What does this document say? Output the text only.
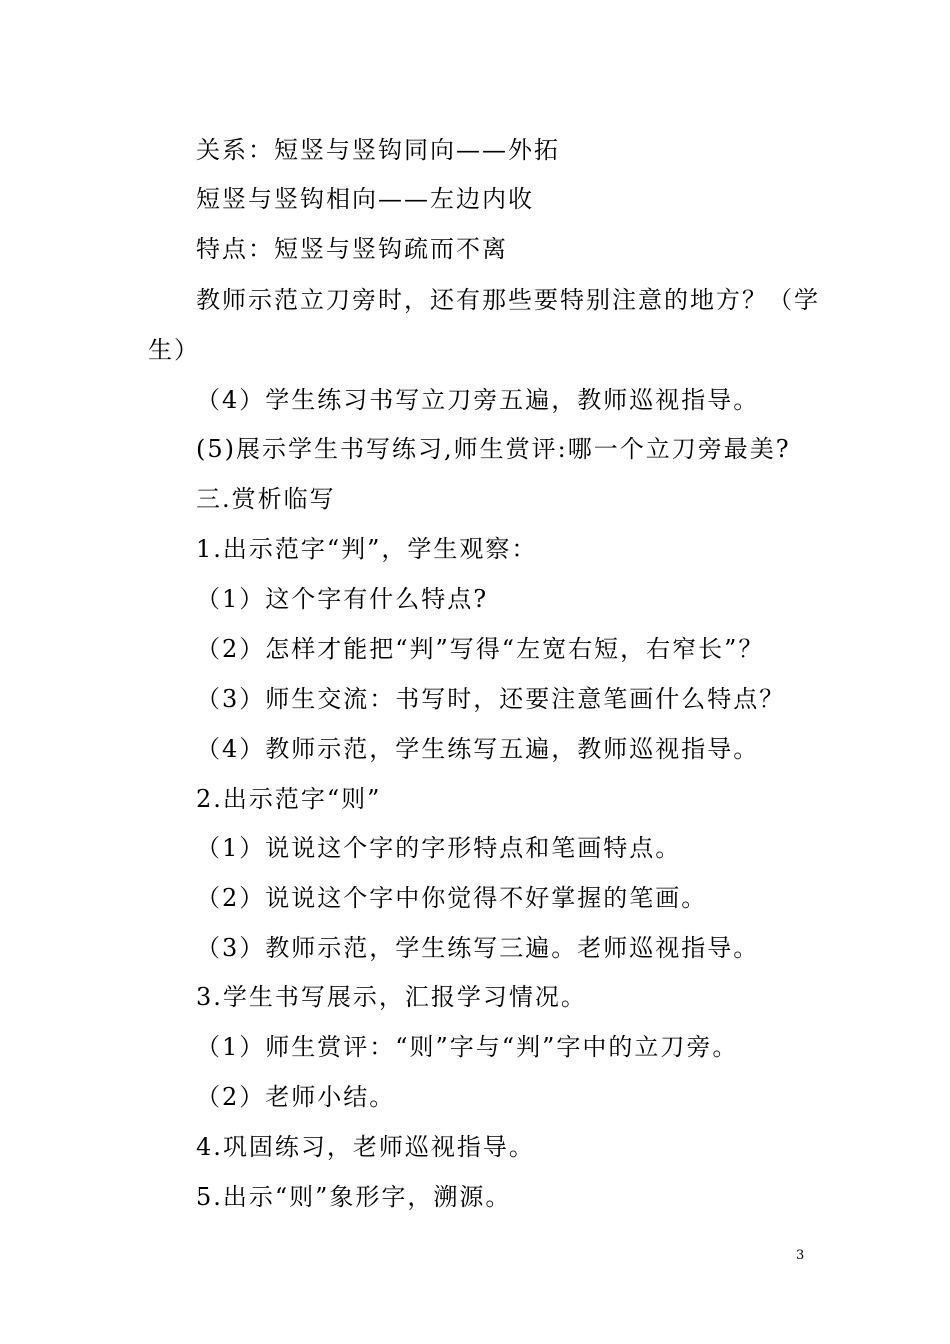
关系：短竖与竖钩同向——外拓
短竖与竖钩相向——左边内收
特点：短竖与竖钩疏而不离
教师示范立刀旁时，还有那些要特别注意的地方？（学
生）
（4）学生练习书写立刀旁五遍，教师巡视指导。
(5)展示学生书写练习,师生赏评:哪一个立刀旁最美?
三.赏析临写
1.出示范字“判”，学生观察：
（1）这个字有什么特点?
（2）怎样才能把“判”写得“左宽右短，右窄长”？
（3）师生交流：书写时，还要注意笔画什么特点？
（4）教师示范，学生练写五遍，教师巡视指导。
2.出示范字“则”
（1）说说这个字的字形特点和笔画特点。
（2）说说这个字中你觉得不好掌握的笔画。
（3）教师示范，学生练写三遍。老师巡视指导。
3.学生书写展示，汇报学习情况。
（1）师生赏评：“则”字与“判”字中的立刀旁。
（2）老师小结。
4.巩固练习，老师巡视指导。
5.出示“则”象形字，溯源。
3
